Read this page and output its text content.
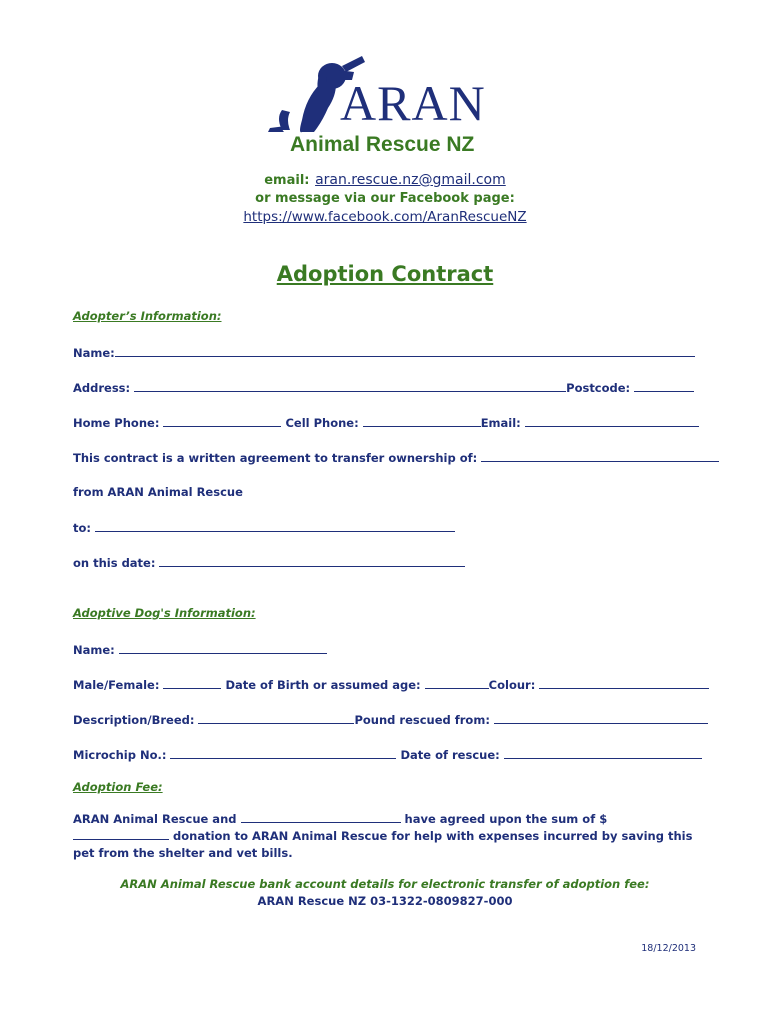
ARAN
Animal Rescue NZ
email: aran.rescue.nz@gmail.com
or message via our Facebook page:
https://www.facebook.com/AranRescueNZ
Adoption Contract
Adopter’s Information:
Name:
Address:	Postcode:
Home Phone:	Cell Phone:	Email:
This contract is a written agreement to transfer ownership of:
from ARAN Animal Rescue
to:
on this date:
Adoptive Dog's Information:
Name:
Male/Female:	Date of Birth or assumed age:	Colour:
Description/Breed:	Pound rescued from:
Microchip No.:	Date of rescue:
Adoption Fee:
ARAN Animal Rescue and	have agreed upon the sum of $  donation to ARAN Animal Rescue for help with expenses incurred by saving this pet from the shelter and vet bills.
ARAN Animal Rescue bank account details for electronic transfer of adoption fee:
ARAN Rescue NZ 03-1322-0809827-000
18/12/2013
